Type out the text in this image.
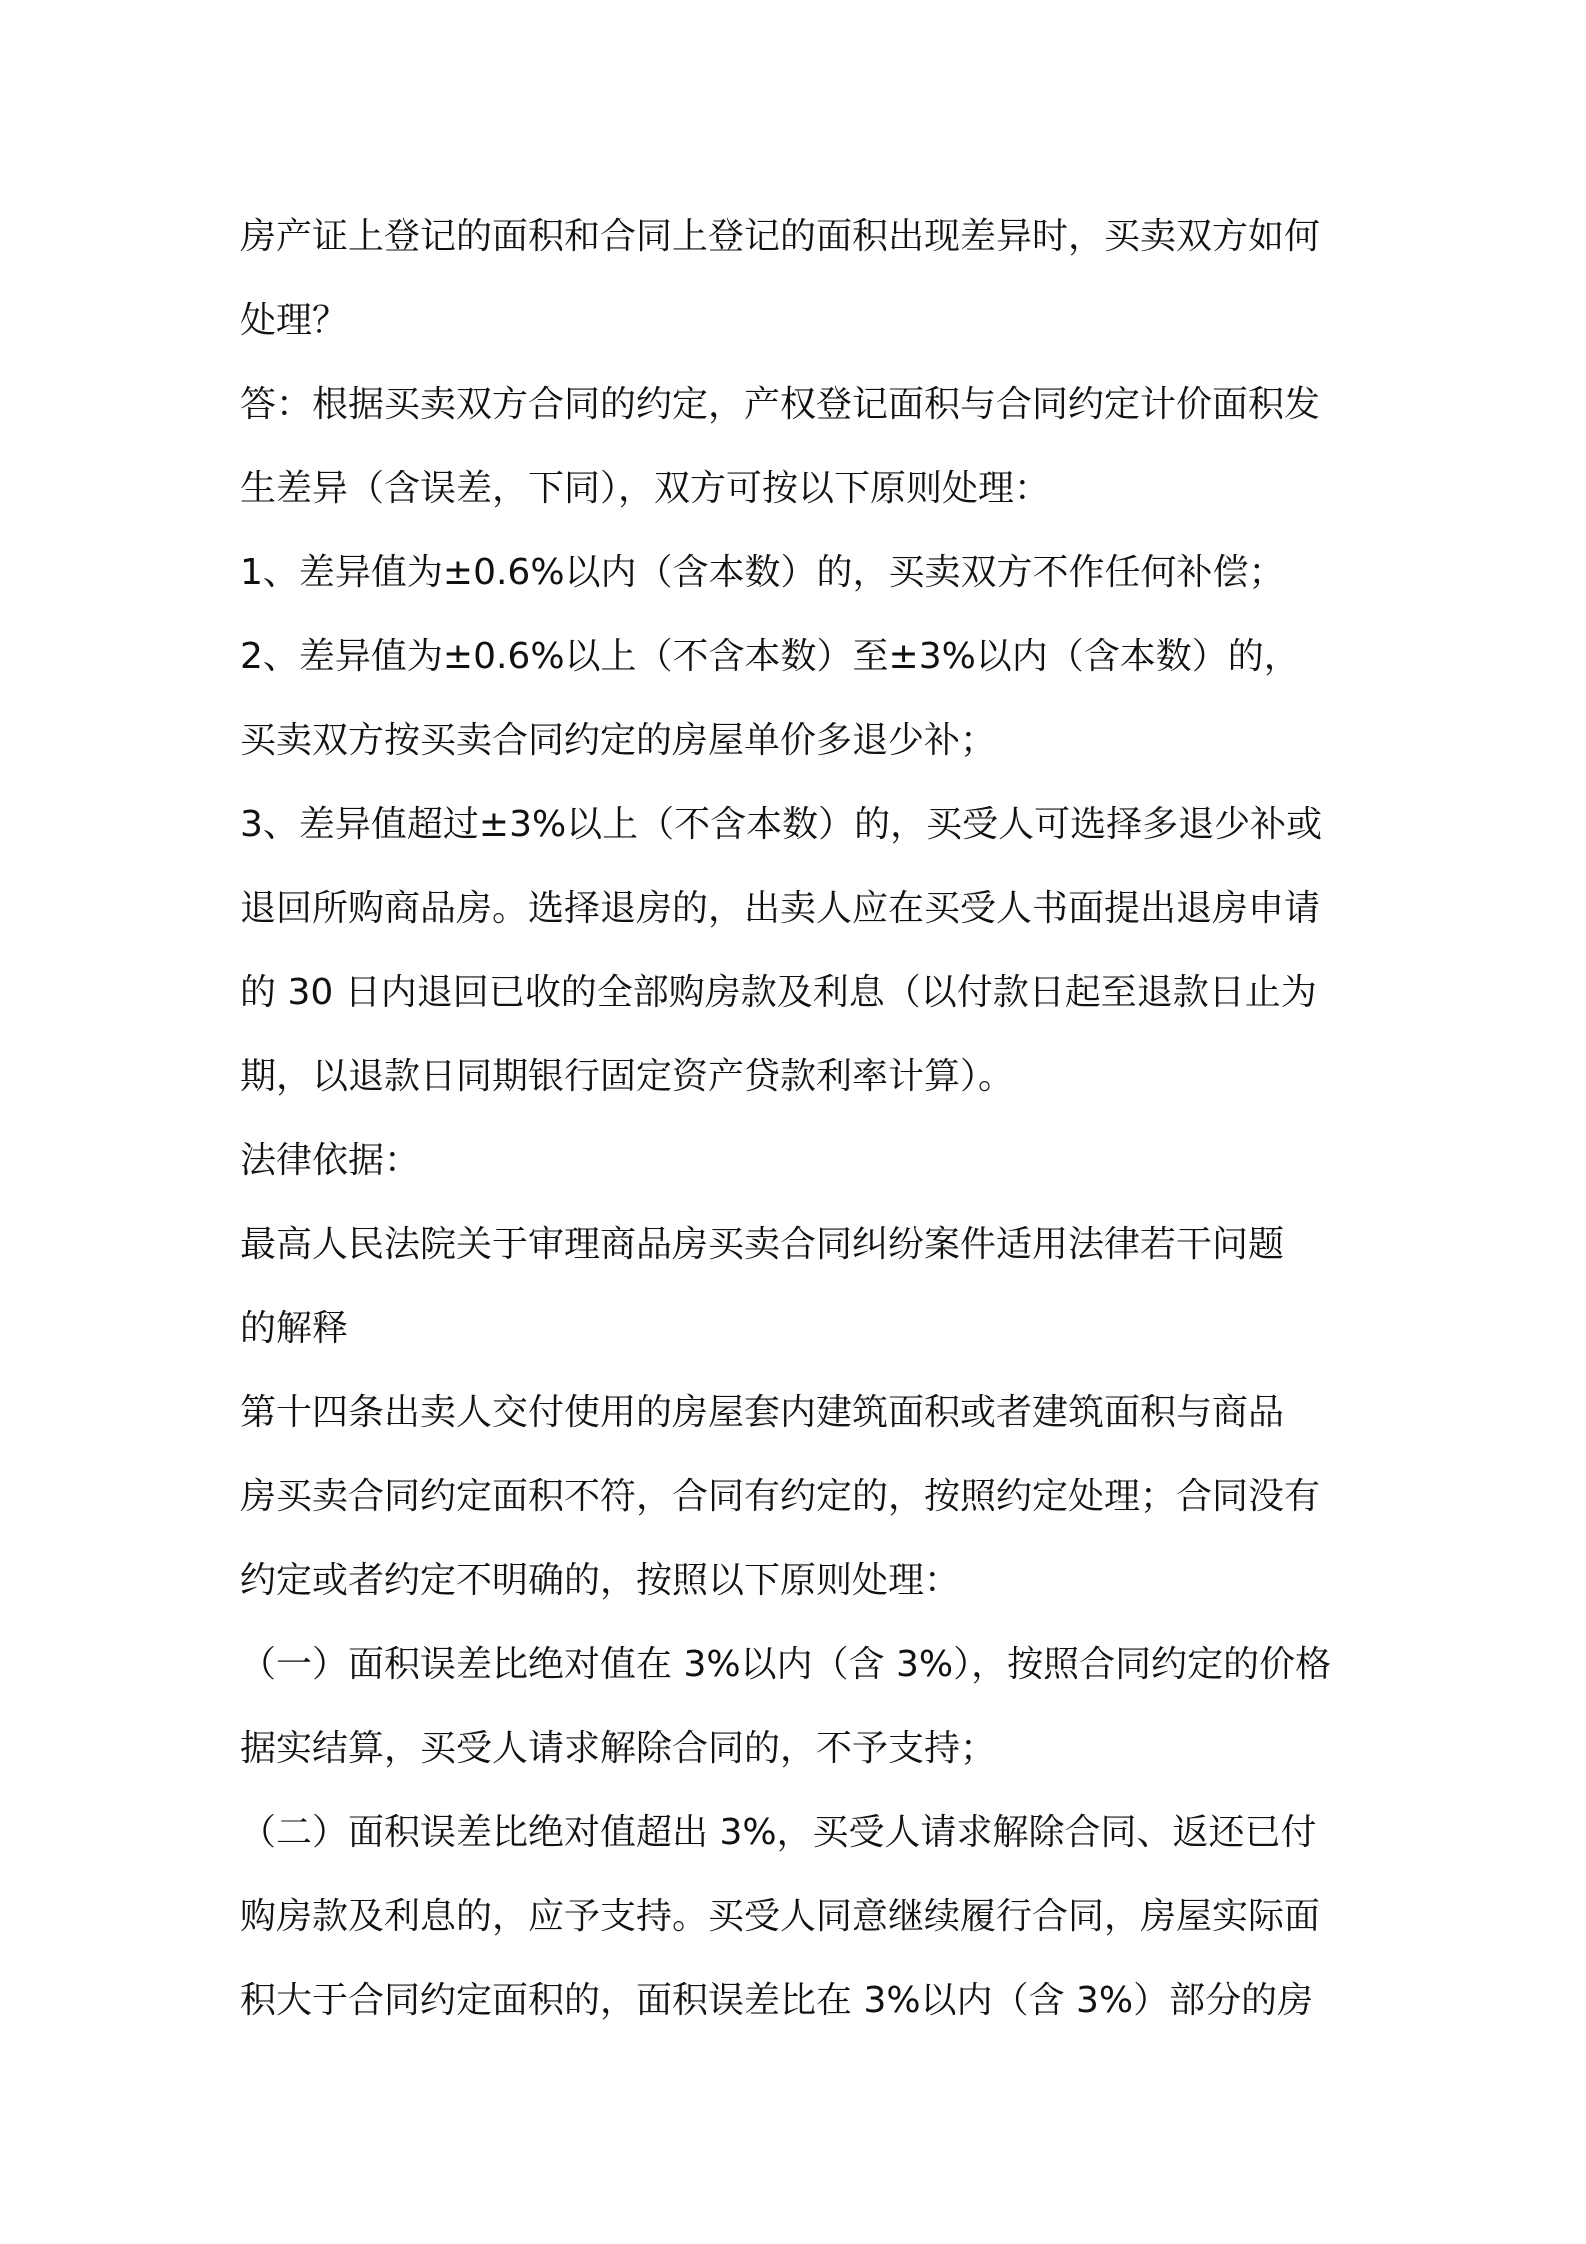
房产证上登记的面积和合同上登记的面积出现差异时，买卖双方如何
处理？
答：根据买卖双方合同的约定，产权登记面积与合同约定计价面积发
生差异（含误差，下同），双方可按以下原则处理：
1、差异值为±0.6%以内（含本数）的，买卖双方不作任何补偿；
2、差异值为±0.6%以上（不含本数）至±3%以内（含本数）的，
买卖双方按买卖合同约定的房屋单价多退少补；
3、差异值超过±3%以上（不含本数）的，买受人可选择多退少补或
退回所购商品房。选择退房的，出卖人应在买受人书面提出退房申请
的 30 日内退回已收的全部购房款及利息（以付款日起至退款日止为
期，以退款日同期银行固定资产贷款利率计算）。
法律依据：
最高人民法院关于审理商品房买卖合同纠纷案件适用法律若干问题
的解释
第十四条出卖人交付使用的房屋套内建筑面积或者建筑面积与商品
房买卖合同约定面积不符，合同有约定的，按照约定处理；合同没有
约定或者约定不明确的，按照以下原则处理：
（一）面积误差比绝对值在 3%以内（含 3%），按照合同约定的价格
据实结算，买受人请求解除合同的，不予支持；
（二）面积误差比绝对值超出 3%，买受人请求解除合同、返还已付
购房款及利息的，应予支持。买受人同意继续履行合同，房屋实际面
积大于合同约定面积的，面积误差比在 3%以内（含 3%）部分的房
